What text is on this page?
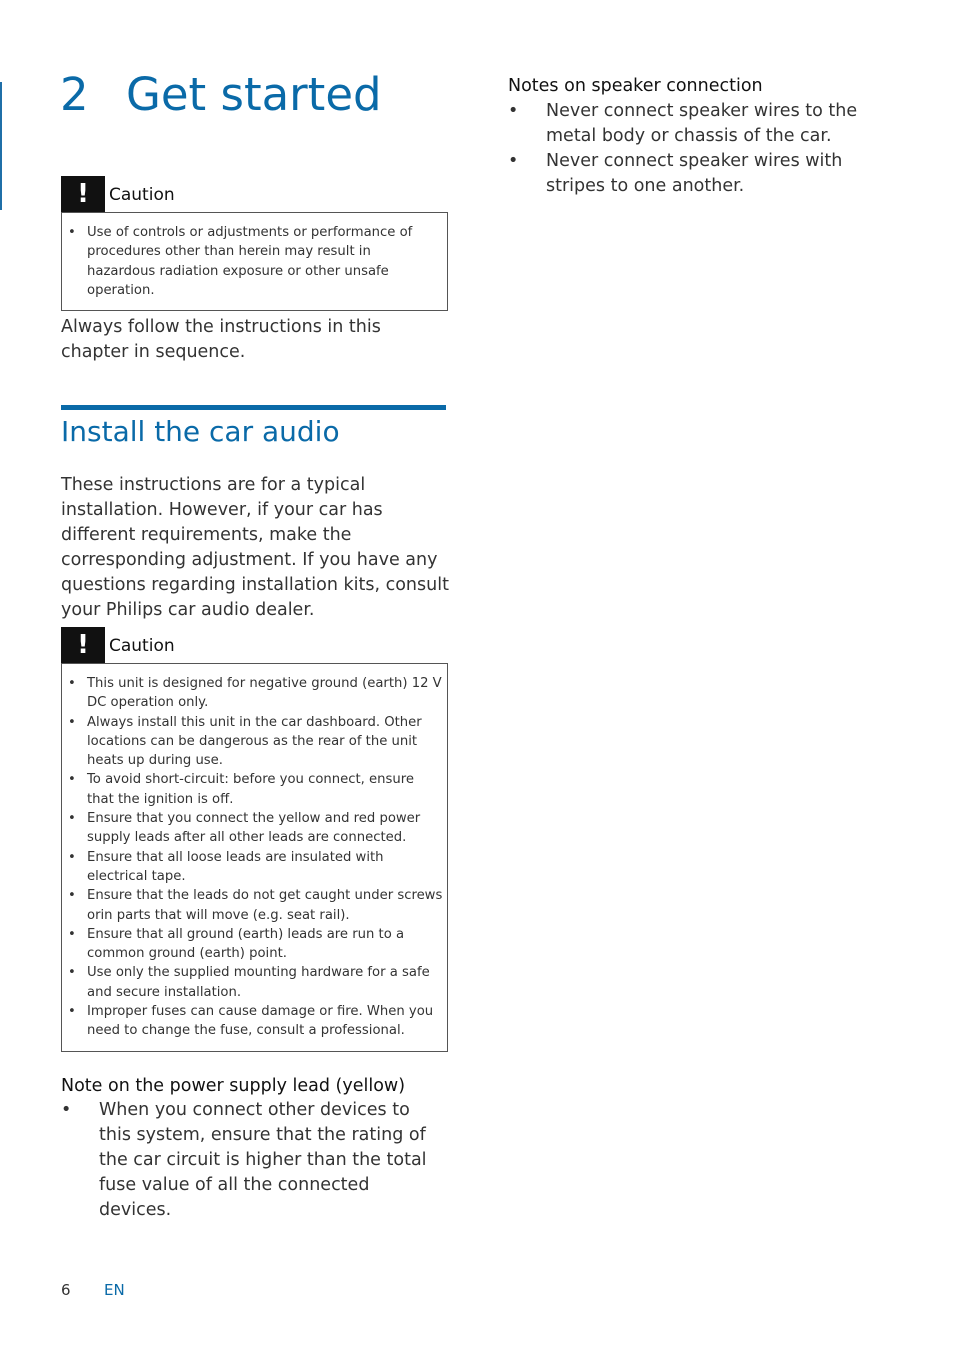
2 Get started
!	Caution
• Use of controls or adjustments or performance of procedures other than herein may result in hazardous radiation exposure or other unsafe operation.

Always follow the instructions in this chapter in sequence.

Install the car audio

These instructions are for a typical installation. However, if your car has different requirements, make the corresponding adjustment. If you have any questions regarding installation kits, consult your Philips car audio dealer.

!	Caution
• This unit is designed for negative ground (earth) 12 V DC operation only.
• Always install this unit in the car dashboard. Other locations can be dangerous as the rear of the unit heats up during use.
• To avoid short-circuit: before you connect, ensure that the ignition is off.
• Ensure that you connect the yellow and red power supply leads after all other leads are connected.
• Ensure that all loose leads are insulated with electrical tape.
• Ensure that the leads do not get caught under screws orin parts that will move (e.g. seat rail).
• Ensure that all ground (earth) leads are run to a common ground (earth) point.
• Use only the supplied mounting hardware for a safe and secure installation.
• Improper fuses can cause damage or fire. When you need to change the fuse, consult a professional.
Note on the power supply lead (yellow)
• When you connect other devices to this system, ensure that the rating of the car circuit is higher than the total fuse value of all the connected devices.
Notes on speaker connection
• Never connect speaker wires to the metal body or chassis of the car.
• Never connect speaker wires with stripes to one another.
6 EN
